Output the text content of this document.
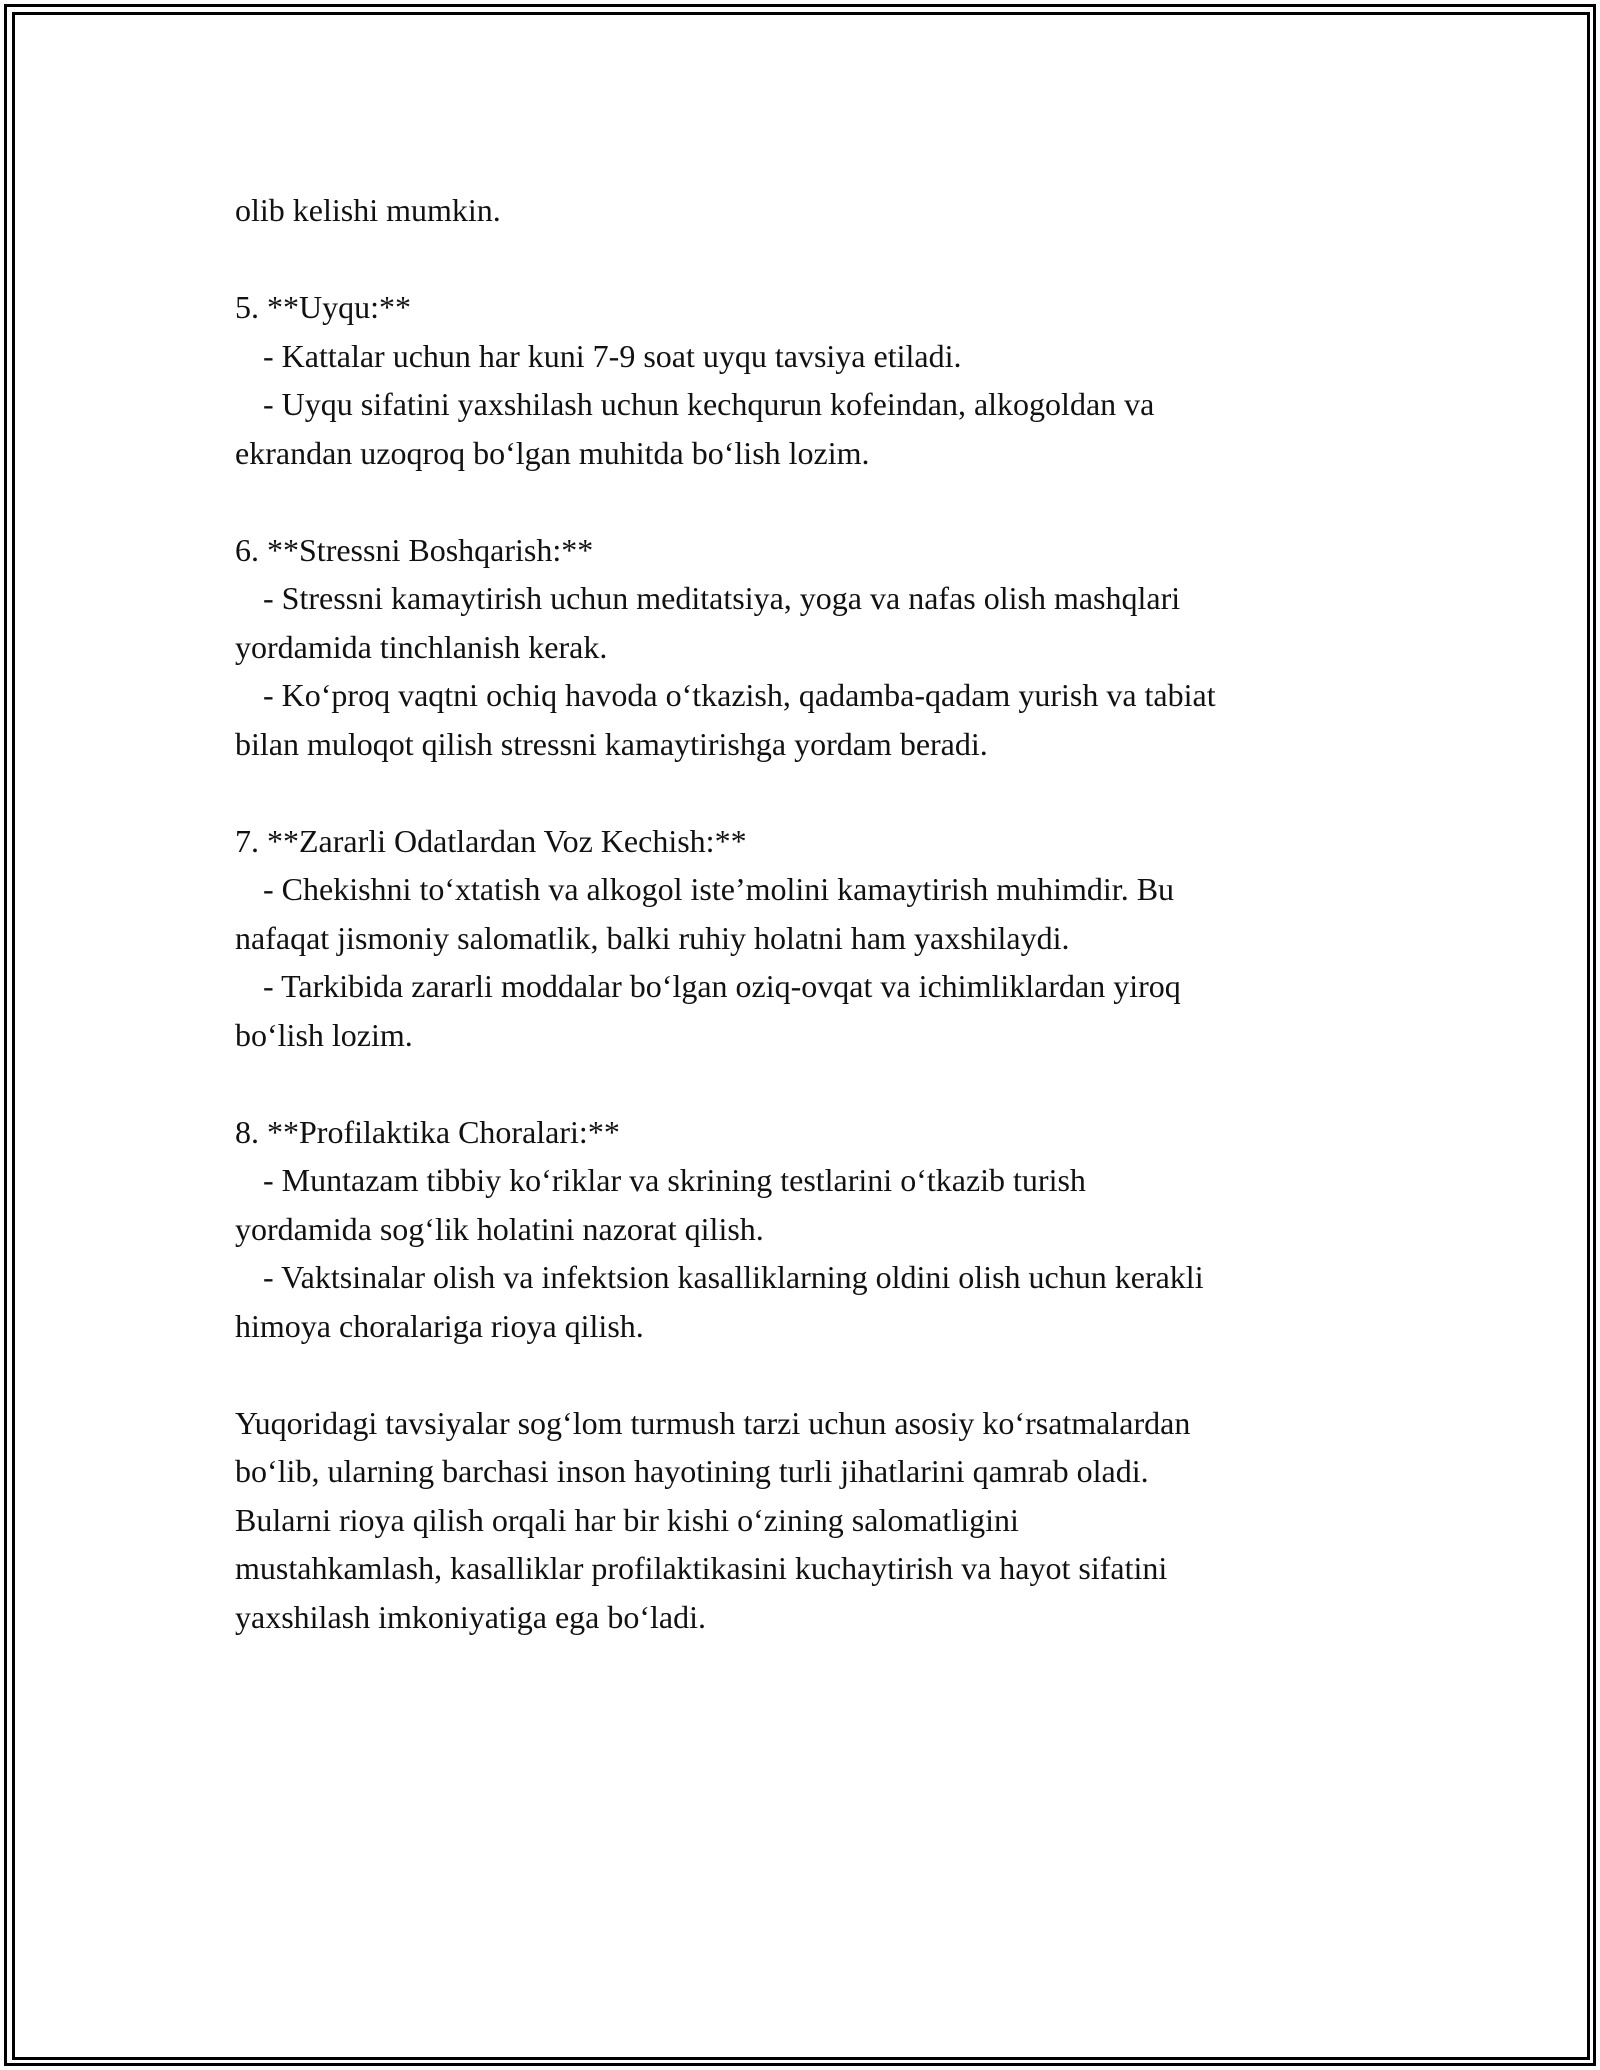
olib kelishi mumkin.
5. **Uyqu:**
- Kattalar uchun har kuni 7-9 soat uyqu tavsiya etiladi.
- Uyqu sifatini yaxshilash uchun kechqurun kofeindan, alkogoldan va
ekrandan uzoqroq bo‘lgan muhitda bo‘lish lozim.
6. **Stressni Boshqarish:**
- Stressni kamaytirish uchun meditatsiya, yoga va nafas olish mashqlari
yordamida tinchlanish kerak.
- Ko‘proq vaqtni ochiq havoda o‘tkazish, qadamba-qadam yurish va tabiat
bilan muloqot qilish stressni kamaytirishga yordam beradi.
7. **Zararli Odatlardan Voz Kechish:**
- Chekishni to‘xtatish va alkogol iste’molini kamaytirish muhimdir. Bu
nafaqat jismoniy salomatlik, balki ruhiy holatni ham yaxshilaydi.
- Tarkibida zararli moddalar bo‘lgan oziq-ovqat va ichimliklardan yiroq
bo‘lish lozim.
8. **Profilaktika Choralari:**
- Muntazam tibbiy ko‘riklar va skrining testlarini o‘tkazib turish
yordamida sog‘lik holatini nazorat qilish.
- Vaktsinalar olish va infektsion kasalliklarning oldini olish uchun kerakli
himoya choralariga rioya qilish.
Yuqoridagi tavsiyalar sog‘lom turmush tarzi uchun asosiy ko‘rsatmalardan
bo‘lib, ularning barchasi inson hayotining turli jihatlarini qamrab oladi.
Bularni rioya qilish orqali har bir kishi o‘zining salomatligini
mustahkamlash, kasalliklar profilaktikasini kuchaytirish va hayot sifatini
yaxshilash imkoniyatiga ega bo‘ladi.
